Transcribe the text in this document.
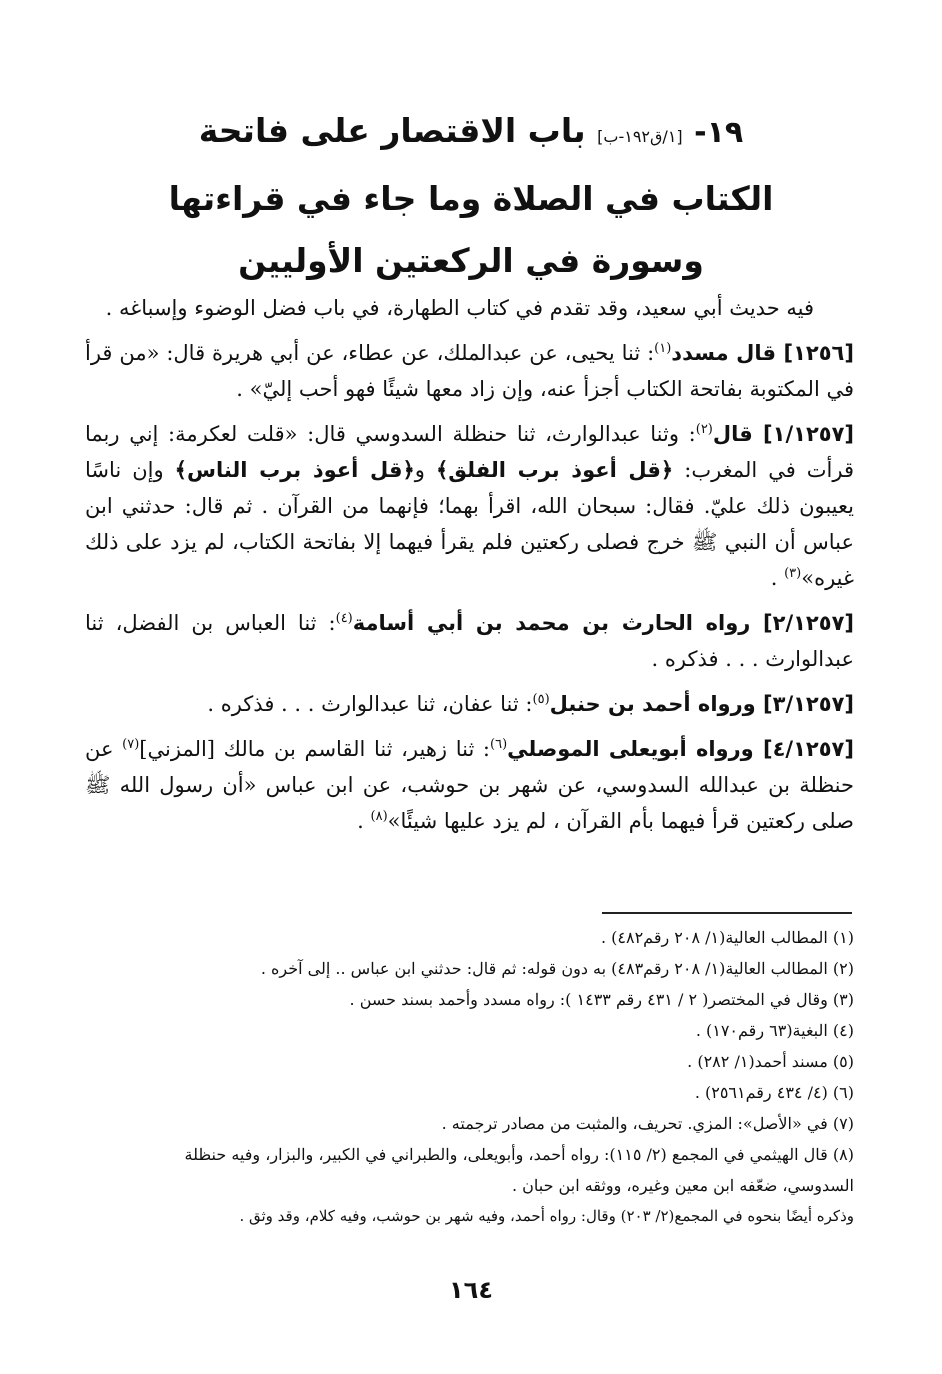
١٩- [١/ق١٩٢-ب] باب الاقتصار على فاتحة
الكتاب في الصلاة وما جاء في قراءتها
وسورة في الركعتين الأوليين

فيه حديث أبي سعيد، وقد تقدم في كتاب الطهارة، في باب فضل الوضوء وإسباغه .

[١٢٥٦] قال مسدد$^{(١)}$: ثنا يحيى، عن عبدالملك، عن عطاء، عن أبي هريرة قال: «من قرأ في المكتوبة بفاتحة الكتاب أجزأ عنه، وإن زاد معها شيئًا فهو أحب إليّ» .

[١/١٢٥٧] قال$^{(٢)}$: وثنا عبدالوارث، ثنا حنظلة السدوسي قال: «قلت لعكرمة: إني ربما قرأت في المغرب: ﴿قل أعوذ برب الفلق﴾ و﴿قل أعوذ برب الناس﴾ وإن ناسًا يعيبون ذلك عليّ. فقال: سبحان الله، اقرأ بهما؛ فإنهما من القرآن . ثم قال: حدثني ابن عباس أن النبي ﷺ خرج فصلى ركعتين فلم يقرأ فيهما إلا بفاتحة الكتاب، لم يزد على ذلك غيره»$^{(٣)}$ .

[٢/١٢٥٧] رواه الحارث بن محمد بن أبي أسامة$^{(٤)}$: ثنا العباس بن الفضل، ثنا عبدالوارث . . . فذكره .

[٣/١٢٥٧] ورواه أحمد بن حنبل$^{(٥)}$: ثنا عفان، ثنا عبدالوارث . . . فذكره .

[٤/١٢٥٧] ورواه أبويعلى الموصلي$^{(٦)}$: ثنا زهير، ثنا القاسم بن مالك [المزني]$^{(٧)}$ عن حنظلة بن عبدالله السدوسي، عن شهر بن حوشب، عن ابن عباس «أن رسول الله ﷺ صلى ركعتين قرأ فيهما بأم القرآن ، لم يزد عليها شيئًا»$^{(٨)}$ .

(١) المطالب العالية(١/ ٢٠٨ رقم٤٨٢) .

(٢) المطالب العالية(١/ ٢٠٨ رقم٤٨٣) به دون قوله: ثم قال: حدثني ابن عباس .. إلى آخره .

(٣) وقال في المختصر( ٢ / ٤٣١ رقم ١٤٣٣ ): رواه مسدد وأحمد بسند حسن .

(٤) البغية(٦٣ رقم١٧٠) .

(٥) مسند أحمد(١/ ٢٨٢) .

(٦) (٤/ ٤٣٤ رقم٢٥٦١) .

(٧) في «الأصل»: المزي. تحريف، والمثبت من مصادر ترجمته .

(٨) قال الهيثمي في المجمع (٢/ ١١٥): رواه أحمد، وأبويعلى، والطبراني في الكبير، والبزار، وفيه حنظلة

السدوسي، ضعّفه ابن معين وغيره، ووثقه ابن حبان .

وذكره أيضًا بنحوه في المجمع(٢/ ٢٠٣) وقال: رواه أحمد، وفيه شهر بن حوشب، وفيه كلام، وقد وثق .

١٦٤
